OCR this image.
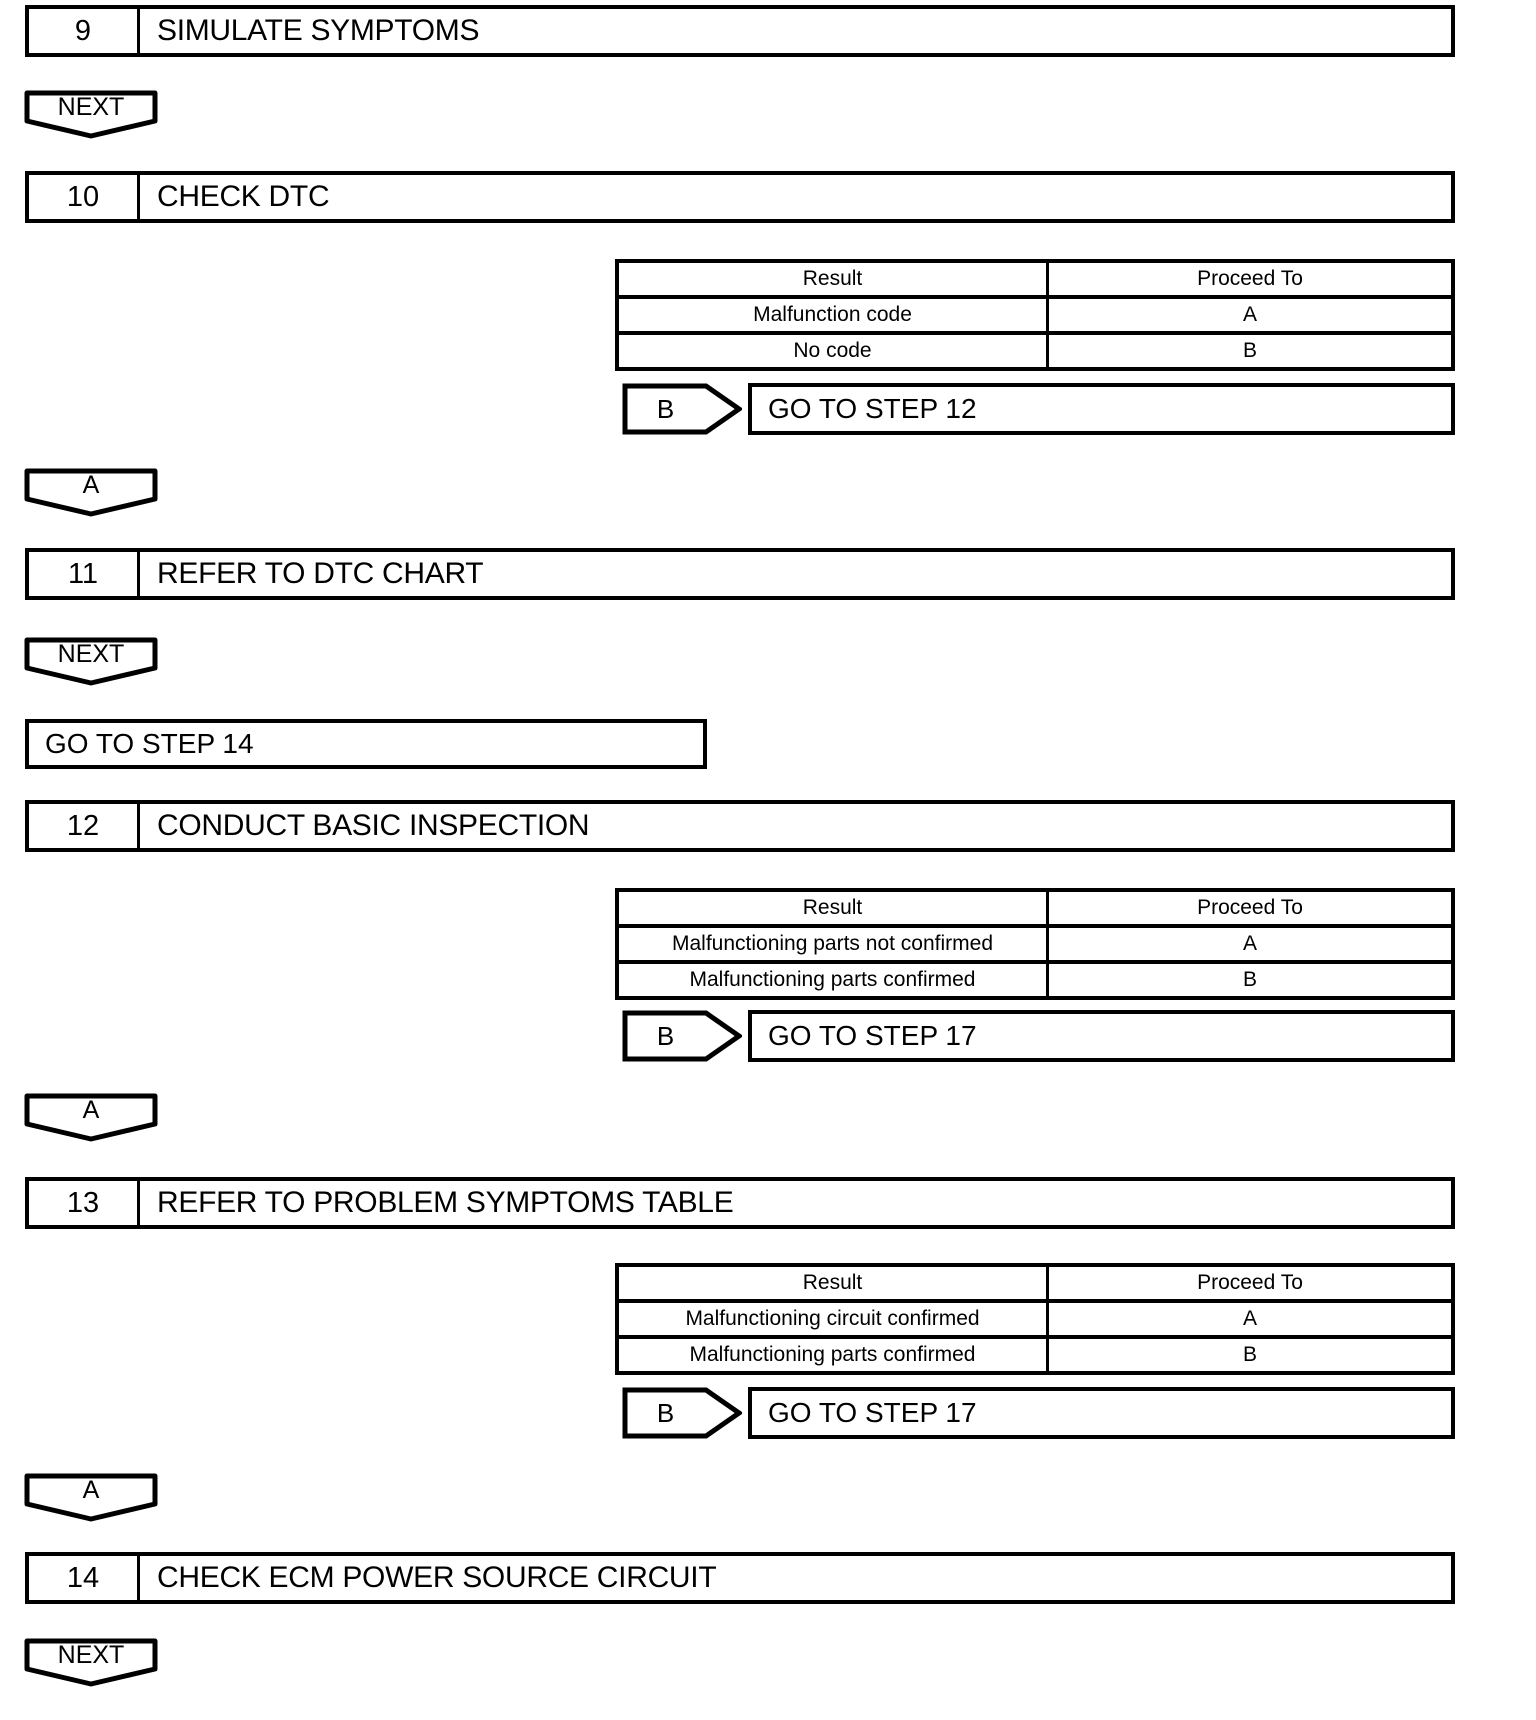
9	SIMULATE SYMPTOMS
NEXT
10	CHECK DTC
Result	Proceed To
Malfunction code	A
No code	B
B	GO TO STEP 12
A
11	REFER TO DTC CHART
NEXT
GO TO STEP 14
12	CONDUCT BASIC INSPECTION
Result	Proceed To
Malfunctioning parts not confirmed	A
Malfunctioning parts confirmed	B
B	GO TO STEP 17
A
13	REFER TO PROBLEM SYMPTOMS TABLE
Result	Proceed To
Malfunctioning circuit confirmed	A
Malfunctioning parts confirmed	B
B	GO TO STEP 17
A
14	CHECK ECM POWER SOURCE CIRCUIT
NEXT
